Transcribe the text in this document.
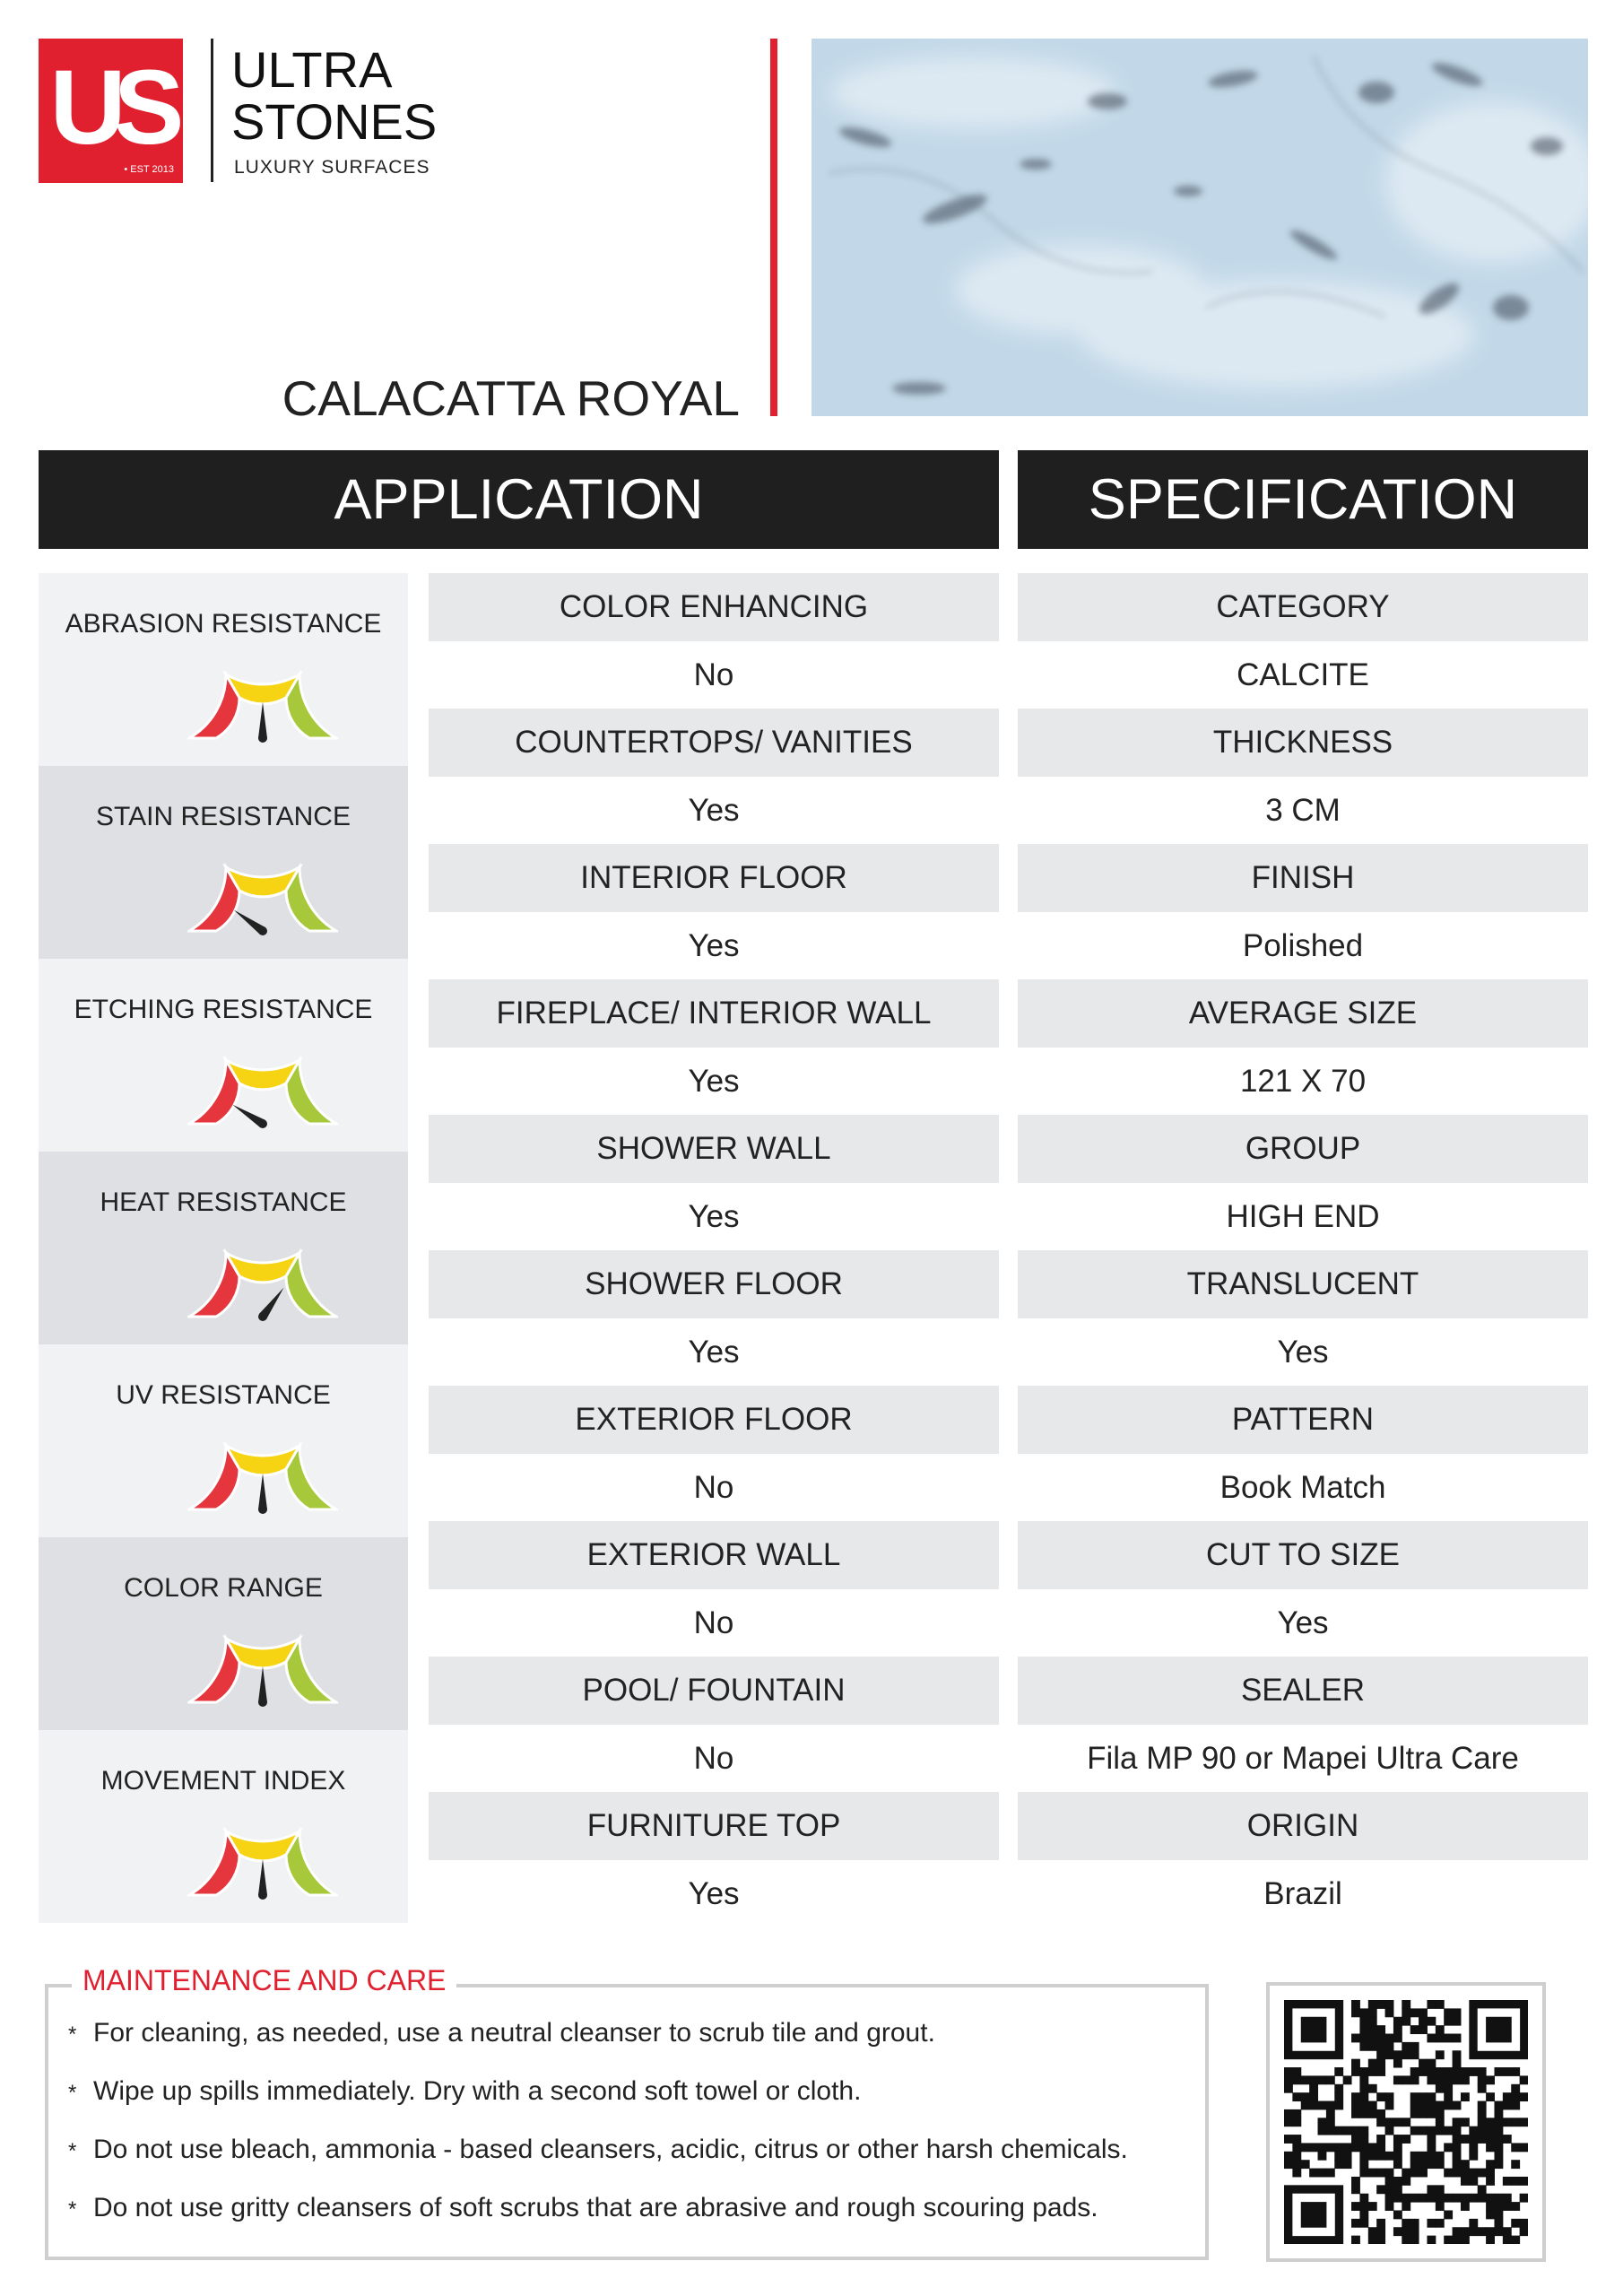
US
• EST 2013
ULTRA
STONES
LUXURY SURFACES
CALACATTA ROYAL
APPLICATION	SPECIFICATION
ABRASION RESISTANCE
STAIN RESISTANCE
ETCHING RESISTANCE
HEAT RESISTANCE
UV RESISTANCE
COLOR RANGE
MOVEMENT INDEX
COLOR ENHANCING
No
COUNTERTOPS/ VANITIES
Yes
INTERIOR FLOOR
Yes
FIREPLACE/ INTERIOR WALL
Yes
SHOWER WALL
Yes
SHOWER FLOOR
Yes
EXTERIOR FLOOR
No
EXTERIOR WALL
No
POOL/ FOUNTAIN
No
FURNITURE TOP
Yes
CATEGORY
CALCITE
THICKNESS
3 CM
FINISH
Polished
AVERAGE SIZE
121 X 70
GROUP
HIGH END
TRANSLUCENT
Yes
PATTERN
Book Match
CUT TO SIZE
Yes
SEALER
Fila MP 90 or Mapei Ultra Care
ORIGIN
Brazil
MAINTENANCE AND CARE
* For cleaning, as needed, use a neutral cleanser to scrub tile and grout.
* Wipe up spills immediately. Dry with a second soft towel or cloth.
* Do not use bleach, ammonia - based cleansers, acidic, citrus or other harsh chemicals.
* Do not use gritty cleansers of soft scrubs that are abrasive and rough scouring pads.
